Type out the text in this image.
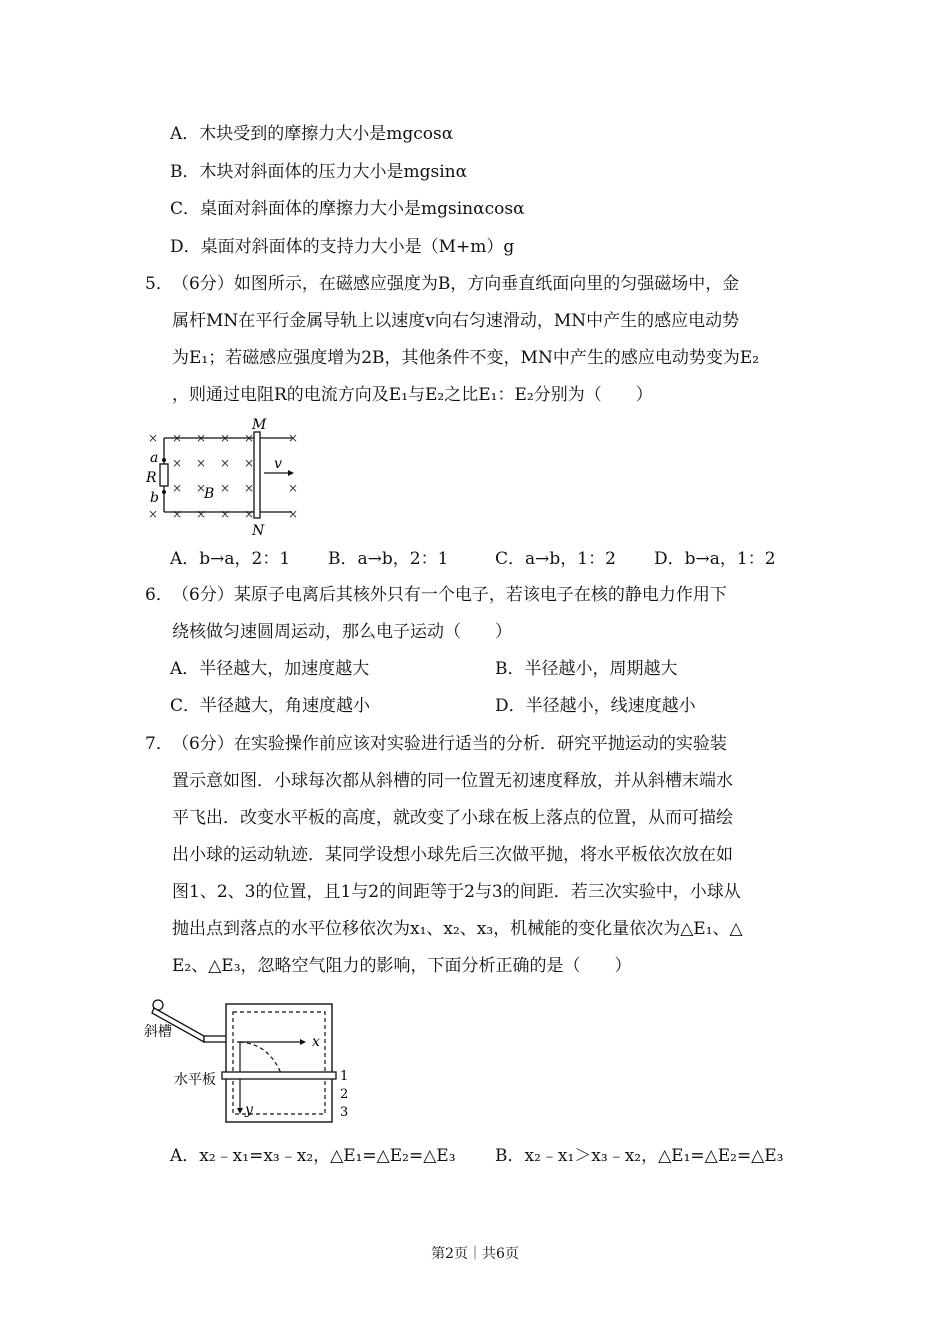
A．木块受到的摩擦力大小是mgcosα
B．木块对斜面体的压力大小是mgsinα
C．桌面对斜面体的摩擦力大小是mgsinαcosα
D．桌面对斜面体的支持力大小是（M+m）g
5． （6分）如图所示，在磁感应强度为B，方向垂直纸面向里的匀强磁场中，金
属杆MN在平行金属导轨上以速度v向右匀速滑动，MN中产生的感应电动势
为E₁；若磁感应强度增为2B，其他条件不变，MN中产生的感应电动势变为E₂
，则通过电阻R的电流方向及E₁与E₂之比E₁：E₂分别为（　　）
× × × × ×	×
× × × ×
× × × ×	×
× × × × ×	×
M
N
a
b
R
B
v
A．b→a，2：1 B．a→b，2：1	C．a→b，1：2 D．b→a，1：2
6． （6分）某原子电离后其核外只有一个电子，若该电子在核的静电力作用下
绕核做匀速圆周运动，那么电子运动（　　）
A．半径越大，加速度越大	B．半径越小，周期越大
C．半径越大，角速度越小	D．半径越小，线速度越小
7． （6分）在实验操作前应该对实验进行适当的分析．研究平抛运动的实验装
置示意如图．小球每次都从斜槽的同一位置无初速度释放，并从斜槽末端水
平飞出．改变水平板的高度，就改变了小球在板上落点的位置，从而可描绘
出小球的运动轨迹．某同学设想小球先后三次做平抛，将水平板依次放在如
图1、2、3的位置，且1与2的间距等于2与3的间距．若三次实验中，小球从
抛出点到落点的水平位移依次为x₁、x₂、x₃，机械能的变化量依次为△E₁、△
E₂、△E₃，忽略空气阻力的影响，下面分析正确的是（　　）
x
y
1
2
3
斜槽
水平板
A．x₂﹣x₁=x₃﹣x₂，△E₁=△E₂=△E₃ B．x₂﹣x₁＞x₃﹣x₂，△E₁=△E₂=△E₃
第2页｜共6页
